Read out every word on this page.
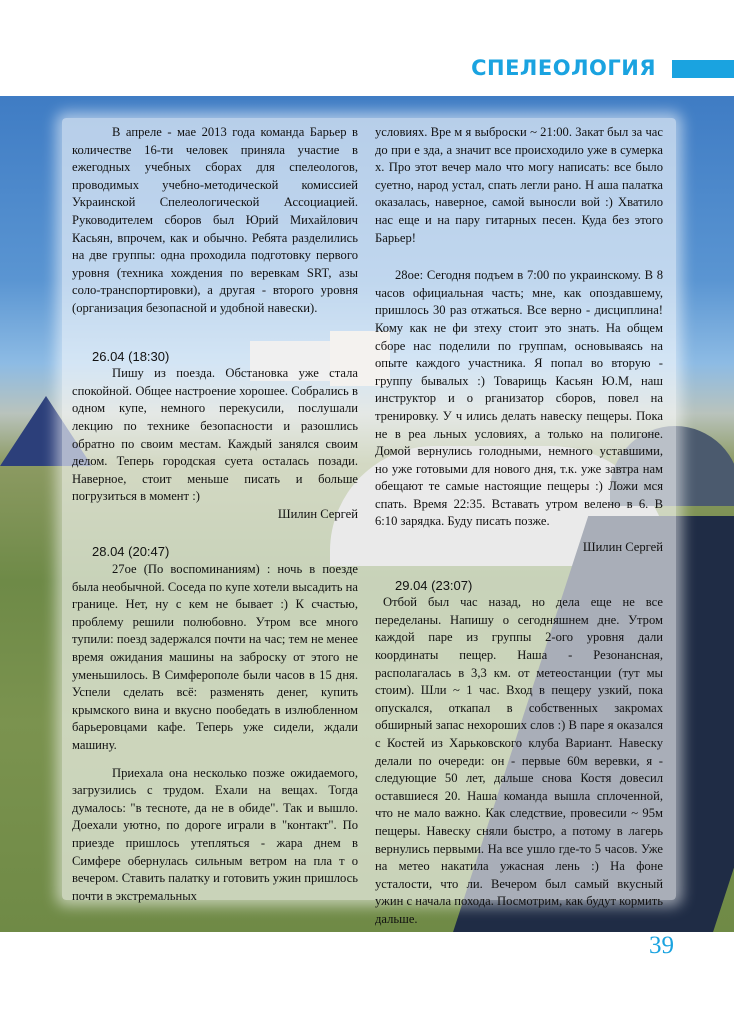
СПЕЛЕОЛОГИЯ

В апреле - мае 2013 года команда Барьер в количестве 16-ти человек приняла участие в ежегодных учебных сборах для спелеологов, проводимых учебно-методической комиссией Украинской Спелеологической Ассоциацией. Руководителем сборов был Юрий Михайлович Касьян, впрочем, как и обычно. Ребята разделились на две группы: одна проходила подготовку первого уровня (техника хождения по веревкам SRT, азы соло-транспортировки), а другая - второго уровня (организация безопасной и удобной навески).

26.04 (18:30)

Пишу из поезда. Обстановка уже стала спокойной. Общее настроение хорошее. Собрались в одном купе, немного перекусили, послушали лекцию по технике безопасности и разошлись обратно по своим местам. Каждый занялся своим делом. Теперь городская суета осталась позади. Наверное, стоит меньше писать и больше погрузиться в момент :)

Шилин Сергей

28.04 (20:47)

27ое (По воспоминаниям) : ночь в поезде была необычной. Соседа по купе хотели высадить на границе. Нет, ну с кем не бывает :) К счастью, проблему решили полюбовно. Утром все много тупили: поезд задержался почти на час; тем не менее время ожидания машины на заброску от этого не уменьшилось. В Симферополе были часов в 15 дня. Успели сделать всё: разменять денег, купить крымского вина и вкусно пообедать в излюбленном барьеровцами кафе. Теперь уже сидели, ждали машину.

Приехала она несколько позже ожидаемого, загрузились с трудом. Ехали на вещах. Тогда думалось: "в тесноте, да не в обиде". Так и вышло. Доехали уютно, по дороге играли в "контакт". По приезде пришлось утепляться - жара днем в Симфере обернулась сильным ветром на пла т о вечером. Ставить палатку и готовить ужин пришлось почти в экстремальных

условиях. Вре м я выброски ~ 21:00. Закат был за час до при е зда, а значит все происходило уже в сумерка х. Про этот вечер мало что могу написать: все было суетно, народ устал, спать легли рано. Н аша палатка оказалась, наверное, самой выносли вой :) Хватило нас еще и на пару гитарных песен. Куда без этого Барьер!

28ое: Сегодня подъем в 7:00 по украинскому. В 8 часов официальная часть; мне, как опоздавшему, пришлось 30 раз отжаться. Все верно - дисциплина! Кому как не фи зтеху стоит это знать. На общем сборе нас поделили по группам, основываясь на опыте каждого участника. Я попал во вторую - группу бывалых :) Товарищь Касьян Ю.М, наш инструктор и о рганизатор сборов, повел на тренировку. У ч ились делать навеску пещеры. Пока не в реа льных условиях, а только на полигоне. Домой вернулись голодными, немного уставшими, но уже готовыми для нового дня, т.к. уже завтра нам обещают те самые настоящие пещеры :) Ложи мся спать. Время 22:35. Вставать утром велено в 6. В 6:10 зарядка. Буду писать позже.

Шилин Сергей

29.04 (23:07)

Отбой был час назад, но дела еще не все переделаны. Напишу о сегодняшнем дне. Утром каждой паре из группы 2-ого уровня дали координаты пещер. Наша - Резонансная, располагалась в 3,3 км. от метеостанции (тут мы стоим). Шли ~ 1 час. Вход в пещеру узкий, пока опускался, откапал в собственных закромах обширный запас нехороших слов :) В паре я оказался с Костей из Харьковского клуба Вариант. Навеску делали по очереди: он - первые 60м веревки, я - следующие 50 лет, дальше снова Костя довесил оставшиеся 20. Наша команда вышла сплоченной, что не мало важно. Как следствие, провесили ~ 95м пещеры. Навеску сняли быстро, а потому в лагерь вернулись первыми. На все ушло где-то 5 часов. Уже на метео накатила ужасная лень :) На фоне усталости, что ли. Вечером был самый вкусный ужин с начала похода. Посмотрим, как будут кормить дальше.

39
